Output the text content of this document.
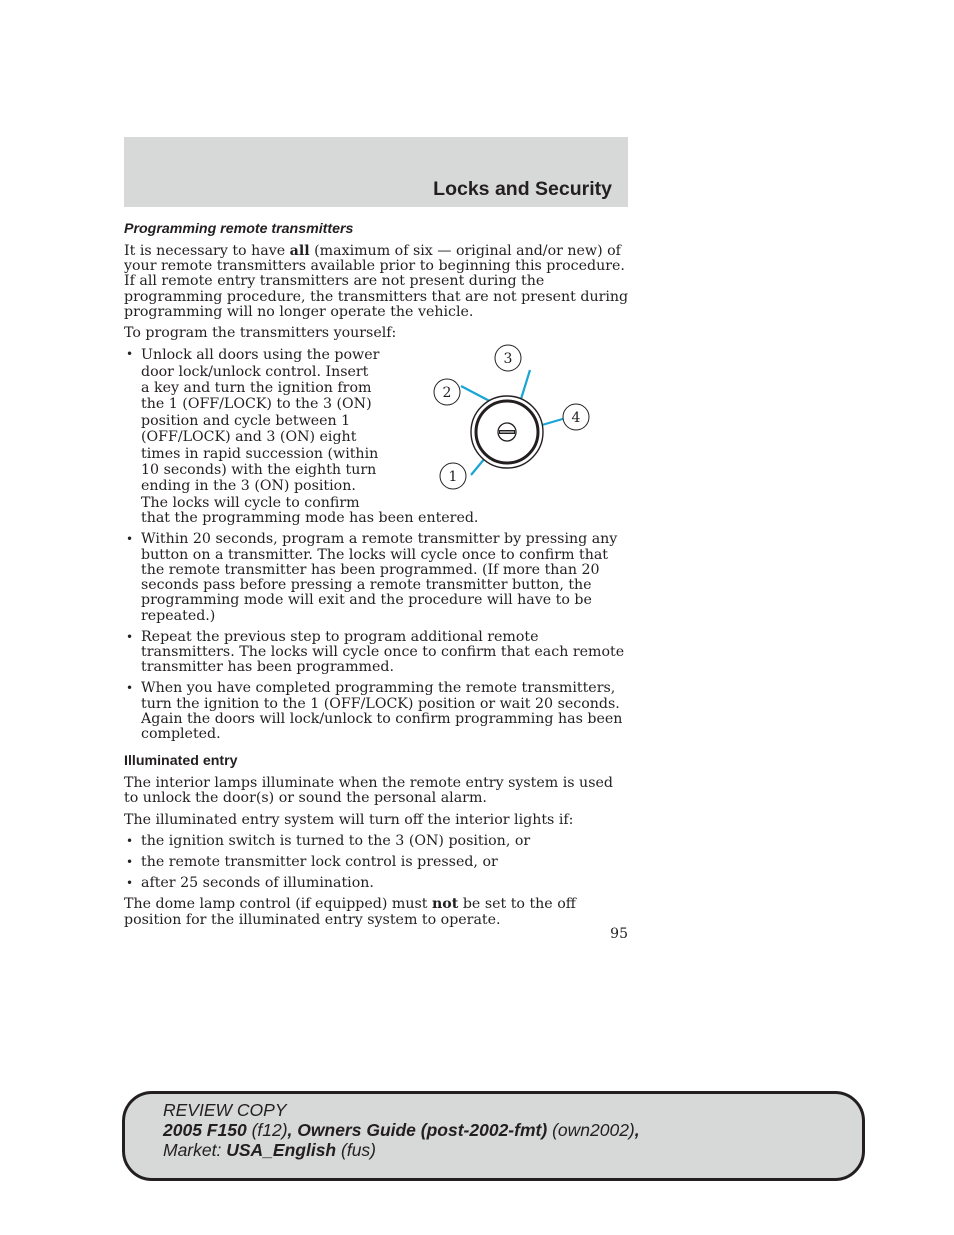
Locks and Security
Programming remote transmitters

It is necessary to have all (maximum of six — original and/or new) of your remote transmitters available prior to beginning this procedure. If all remote entry transmitters are not present during the programming procedure, the transmitters that are not present during programming will no longer operate the vehicle.

To program the transmitters yourself:

• Unlock all doors using the power door lock/unlock control. Insert a key and turn the ignition from the 1 (OFF/LOCK) to the 3 (ON) position and cycle between 1 (OFF/LOCK) and 3 (ON) eight times in rapid succession (within 10 seconds) with the eighth turn ending in the 3 (ON) position. The locks will cycle to confirm
that the programming mode has been entered.
1
2
3
4
• Within 20 seconds, program a remote transmitter by pressing any button on a transmitter. The locks will cycle once to confirm that the remote transmitter has been programmed. (If more than 20 seconds pass before pressing a remote transmitter button, the programming mode will exit and the procedure will have to be repeated.)
• Repeat the previous step to program additional remote transmitters. The locks will cycle once to confirm that each remote transmitter has been programmed.
• When you have completed programming the remote transmitters, turn the ignition to the 1 (OFF/LOCK) position or wait 20 seconds. Again the doors will lock/unlock to confirm programming has been completed.
Illuminated entry

The interior lamps illuminate when the remote entry system is used to unlock the door(s) or sound the personal alarm.

The illuminated entry system will turn off the interior lights if:

• the ignition switch is turned to the 3 (ON) position, or
• the remote transmitter lock control is pressed, or
• after 25 seconds of illumination.

The dome lamp control (if equipped) must not be set to the off position for the illuminated entry system to operate.

95
REVIEW COPY
2005 F150 (f12), Owners Guide (post-2002-fmt) (own2002),
Market: USA_English (fus)
